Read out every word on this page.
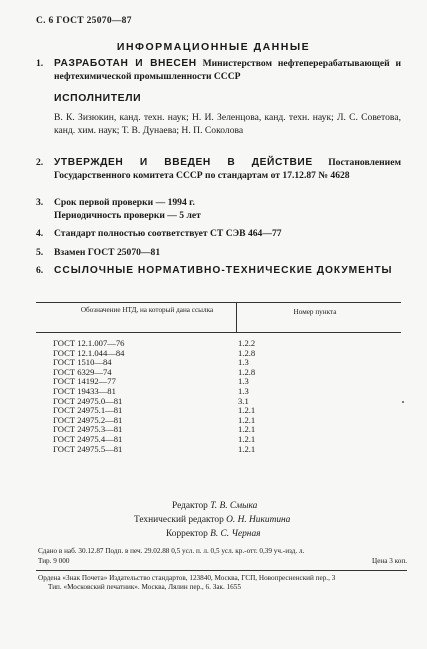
С. 6 ГОСТ 25070—87
ИНФОРМАЦИОННЫЕ ДАННЫЕ
1. РАЗРАБОТАН И ВНЕСЕН Министерством нефтеперерабатывающей и нефтехимической промышленности СССР
ИСПОЛНИТЕЛИ
В. К. Зизюкин, канд. техн. наук; Н. И. Зеленцова, канд. техн. наук; Л. С. Советова, канд. хим. наук; Т. В. Дунаева; Н. П. Соколова
2. УТВЕРЖДЕН И ВВЕДЕН В ДЕЙСТВИЕ Постановлением Государственного комитета СССР по стандартам от 17.12.87 № 4628
3. Срок первой проверки — 1994 г.
Периодичность проверки — 5 лет
4. Стандарт полностью соответствует СТ СЭВ 464—77
5. Взамен ГОСТ 25070—81
6. ССЫЛОЧНЫЕ НОРМАТИВНО-ТЕХНИЧЕСКИЕ ДОКУМЕНТЫ
Обозначение НТД, на который дана ссылка	Номер пункта
ГОСТ 12.1.007—76
ГОСТ 12.1.044—84
ГОСТ 1510—84
ГОСТ 6329—74
ГОСТ 14192—77
ГОСТ 19433—81
ГОСТ 24975.0—81
ГОСТ 24975.1—81
ГОСТ 24975.2—81
ГОСТ 24975.3—81
ГОСТ 24975.4—81
ГОСТ 24975.5—81
1.2.2
1.2.8
1.3
1.2.8
1.3
1.3
3.1
1.2.1
1.2.1
1.2.1
1.2.1
1.2.1
Редактор Т. В. Смыка
Технический редактор О. Н. Никитина
Корректор В. С. Черная
Сдано в наб. 30.12.87 Подп. в печ. 29.02.88 0,5 усл. п. л. 0,5 усл. кр.-отт. 0,39 уч.-изд. л.
Тир. 9 000	Цена 3 коп.
Ордена «Знак Почета» Издательство стандартов, 123840, Москва, ГСП, Новопресненский пер., 3
Тип. «Московский печатник». Москва, Лялин пер., 6. Зак. 1655
